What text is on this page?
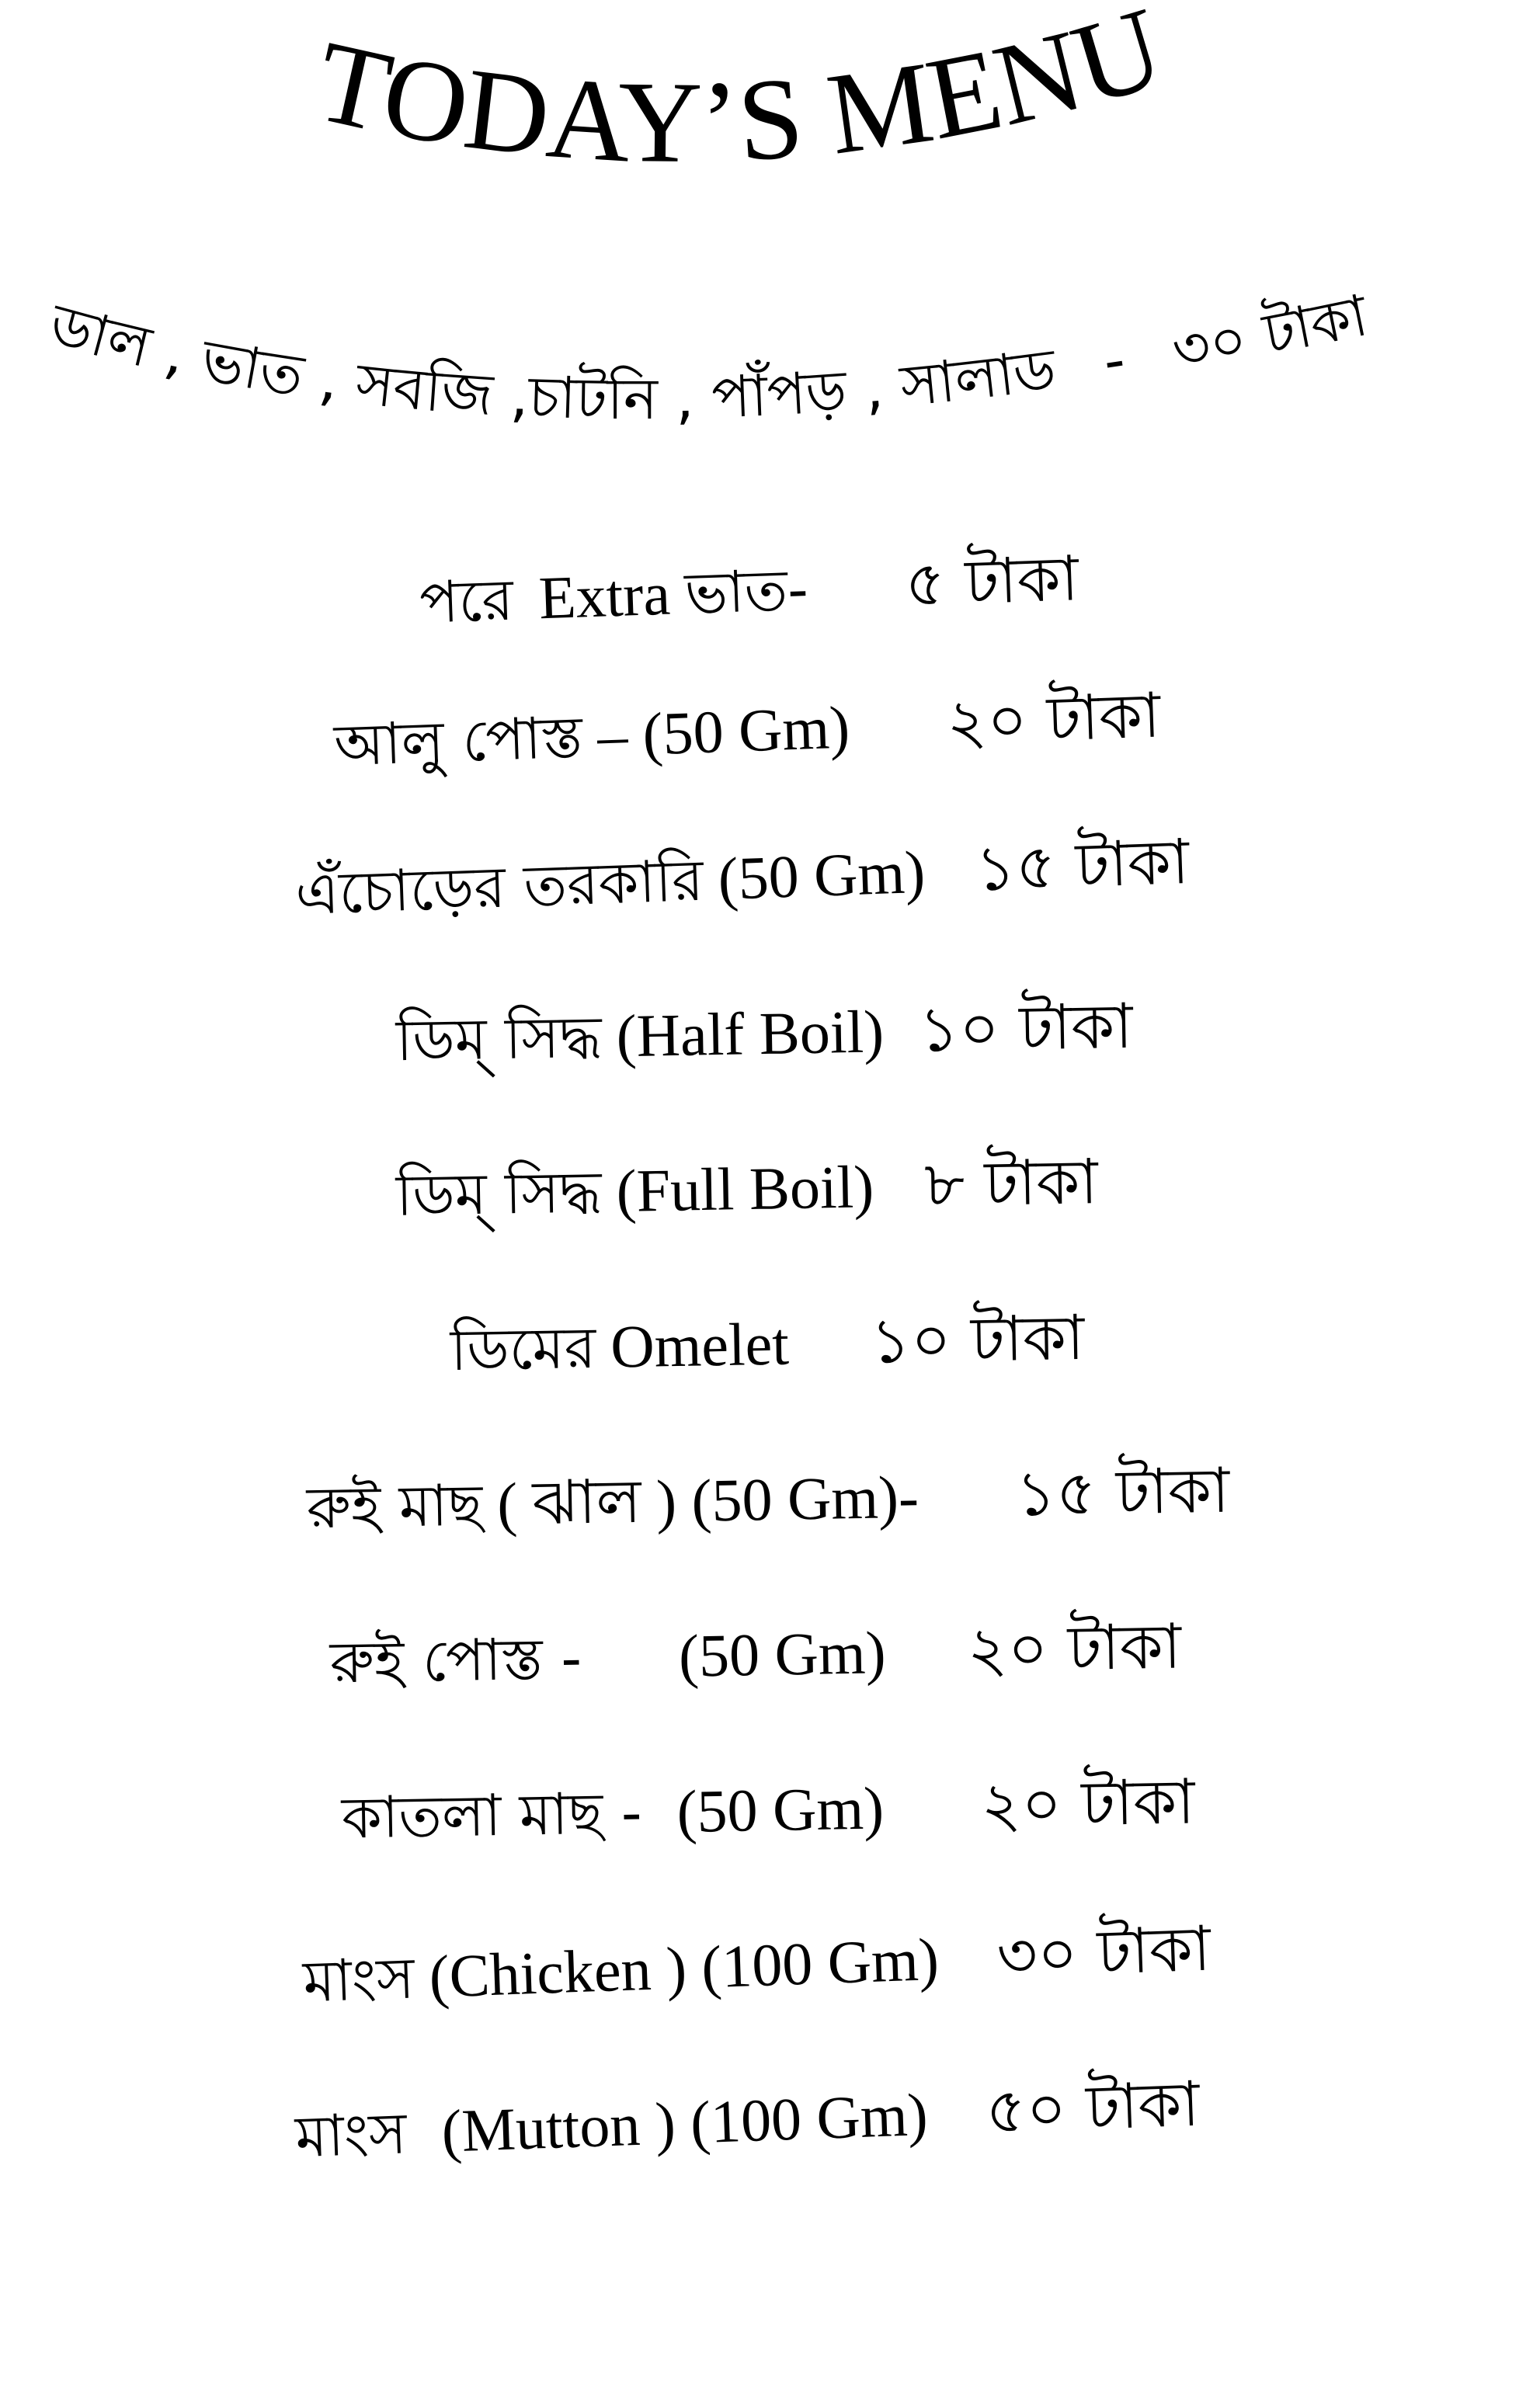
TODAY’S MENU
ডাল , ভাত , সবজি ,চাটনি , পাঁপড় , সালাড - ৩০ টাকা
পরে Extra ভাত- ৫ টাকা
আলু পোস্ত – (50 Gm) ২০ টাকা
এঁচোড়ের তরকারি (50 Gm) ১৫ টাকা
ডিম্ সিদ্ধ (Half Boil) ১০ টাকা
ডিম্ সিদ্ধ (Full Boil) ৮ টাকা
ডিমের Omelet ১০ টাকা
রুই মাছ ( ঝাল ) (50 Gm)- ১৫ টাকা
রুই পোস্ত - (50 Gm) ২০ টাকা
কাতলা মাছ - (50 Gm) ২০ টাকা
মাংস (Chicken ) (100 Gm) ৩০ টাকা
মাংস (Mutton ) (100 Gm) ৫০ টাকা
